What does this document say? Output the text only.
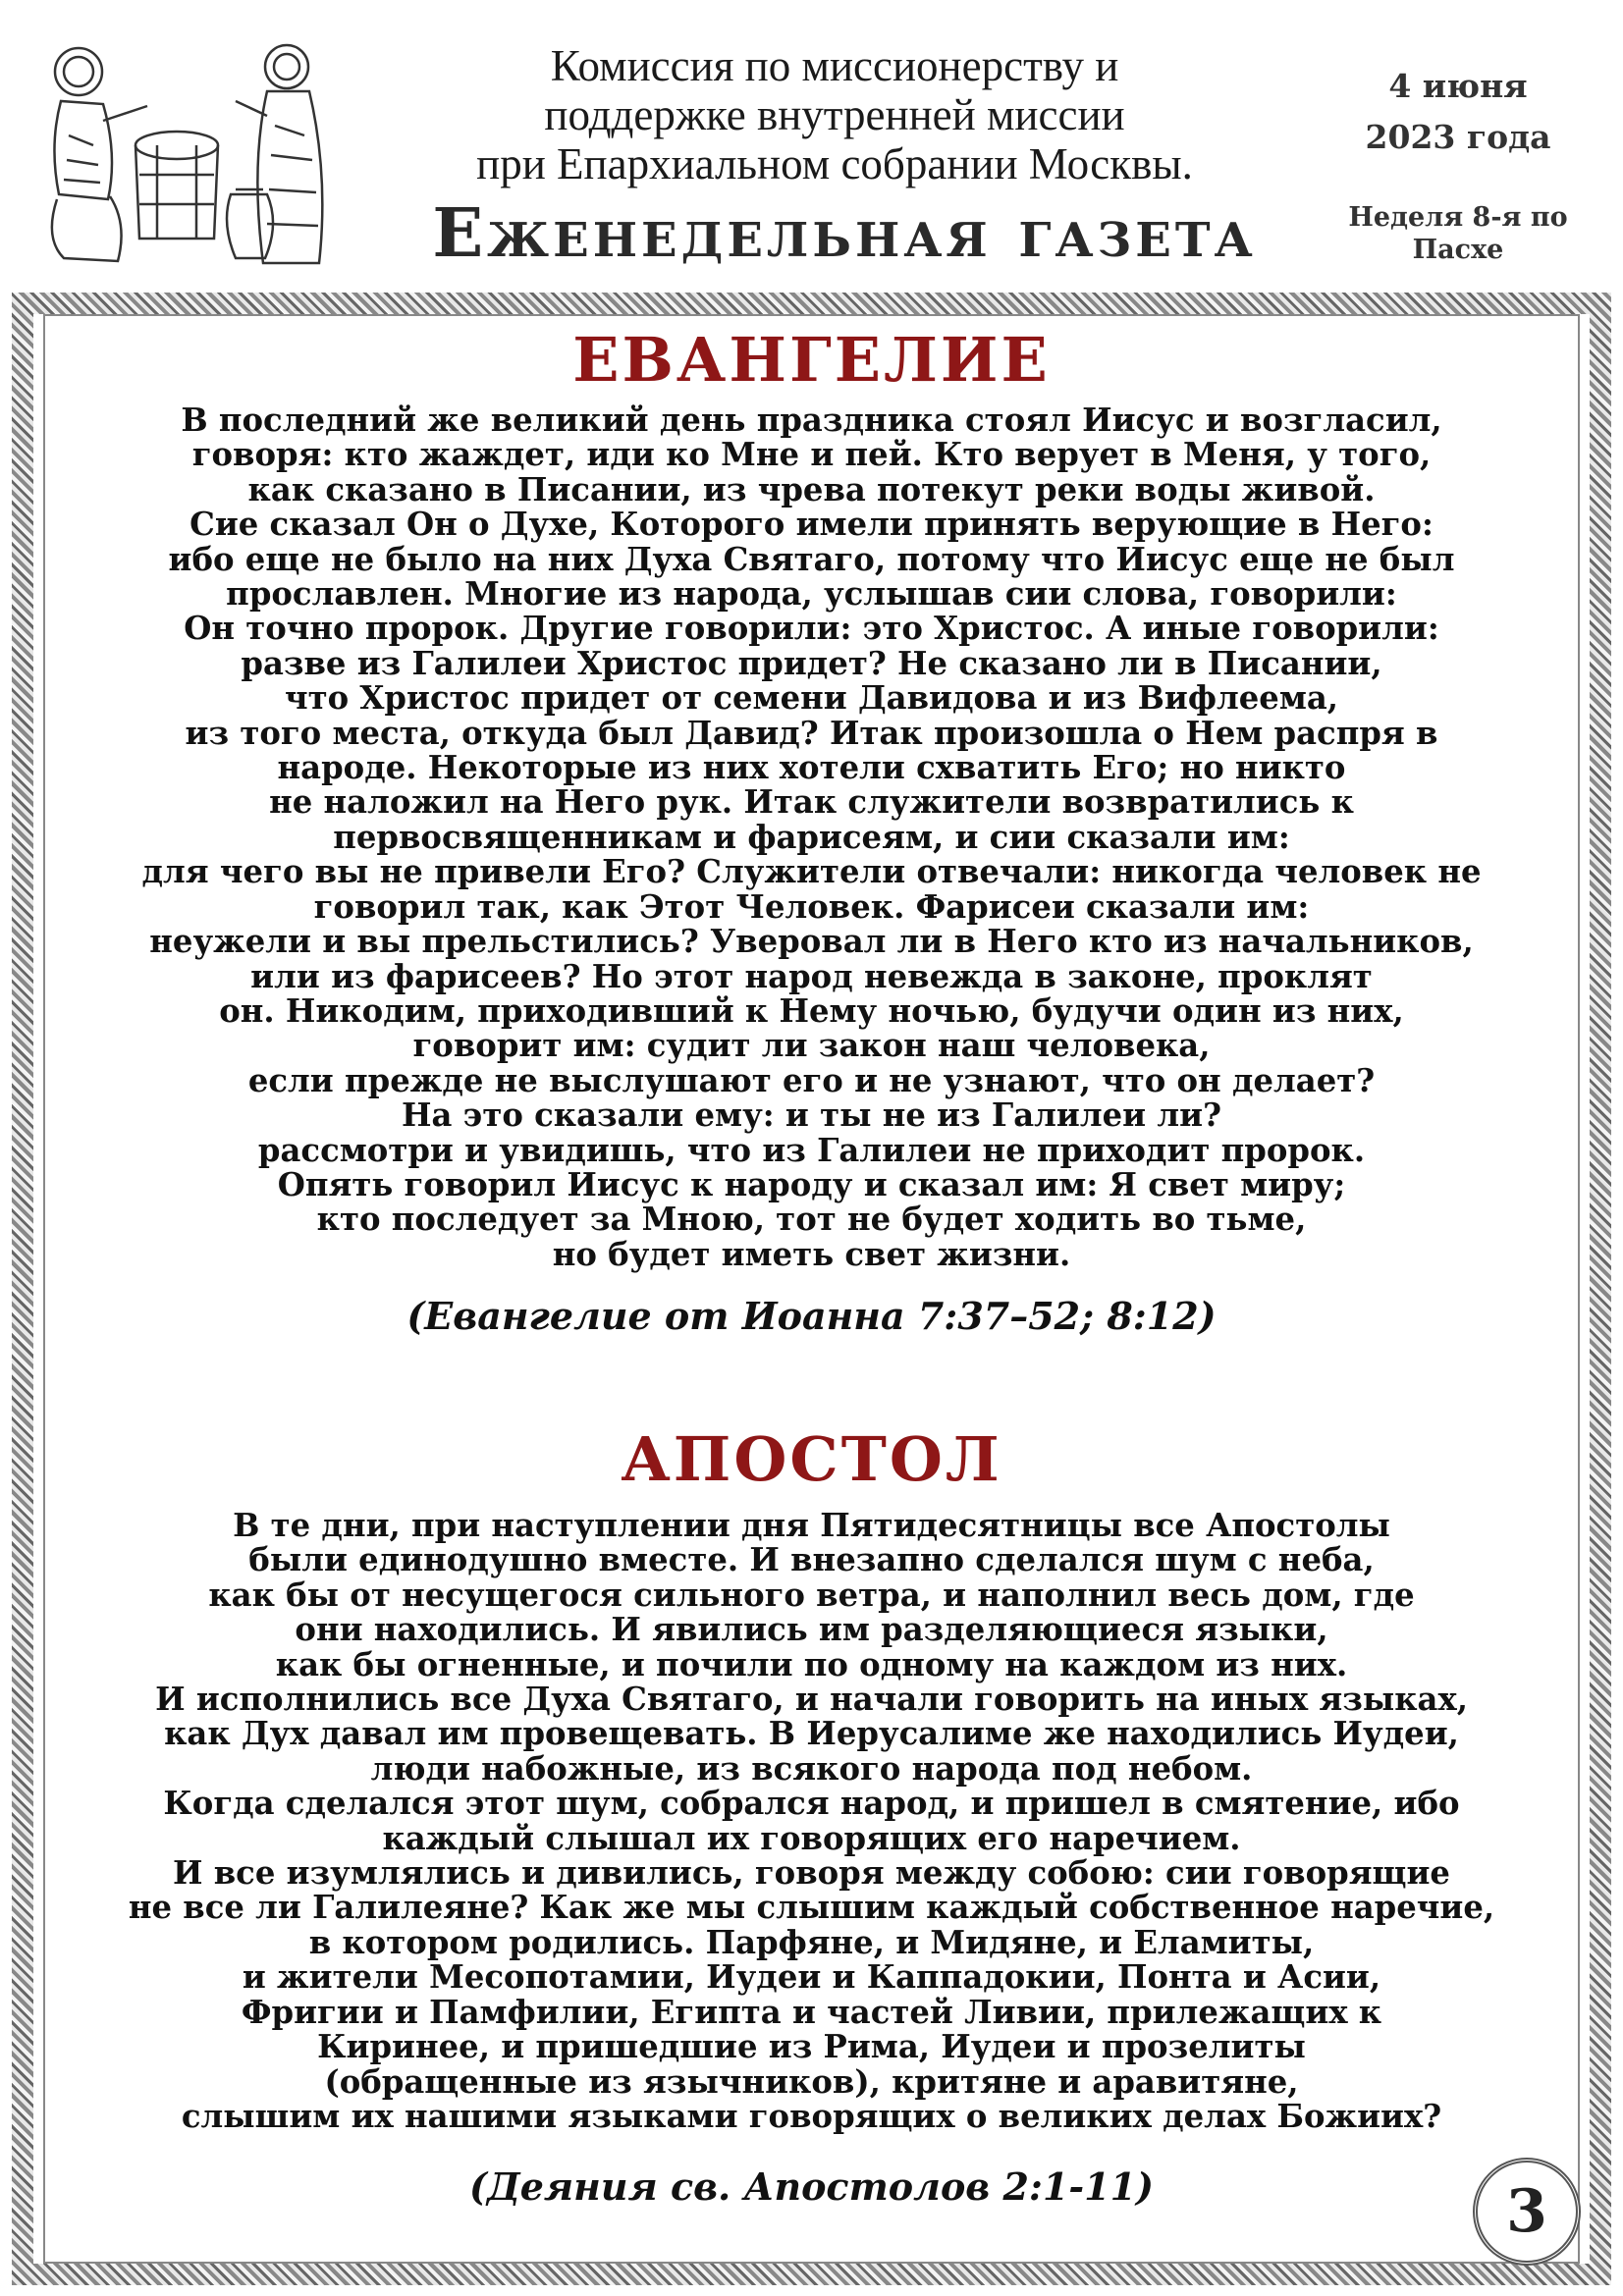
Комиссия по миссионерству и
поддержке внутренней миссии
при Епархиальном собрании Москвы.
Еженедельная газета
4 июня
2023 года
Неделя 8-я по
Пасхе
ЕВАНГЕЛИЕ
В последний же великий день праздника стоял Иисус и возгласил,
говоря: кто жаждет, иди ко Мне и пей. Кто верует в Меня, у того,
как сказано в Писании, из чрева потекут реки воды живой.
Сие сказал Он о Духе, Которого имели принять верующие в Него:
ибо еще не было на них Духа Святаго, потому что Иисус еще не был
прославлен. Многие из народа, услышав сии слова, говорили:
Он точно пророк. Другие говорили: это Христос. А иные говорили:
разве из Галилеи Христос придет? Не сказано ли в Писании,
что Христос придет от семени Давидова и из Вифлеема,
из того места, откуда был Давид? Итак произошла о Нем распря в
народе. Некоторые из них хотели схватить Его; но никто
не наложил на Него рук. Итак служители возвратились к
первосвященникам и фарисеям, и сии сказали им:
для чего вы не привели Его? Служители отвечали: никогда человек не
говорил так, как Этот Человек. Фарисеи сказали им:
неужели и вы прельстились? Уверовал ли в Него кто из начальников,
или из фарисеев? Но этот народ невежда в законе, проклят
он. Никодим, приходивший к Нему ночью, будучи один из них,
говорит им: судит ли закон наш человека,
если прежде не выслушают его и не узнают, что он делает?
На это сказали ему: и ты не из Галилеи ли?
рассмотри и увидишь, что из Галилеи не приходит пророк.
Опять говорил Иисус к народу и сказал им: Я свет миру;
кто последует за Мною, тот не будет ходить во тьме,
но будет иметь свет жизни.
(Евангелие от Иоанна 7:37–52; 8:12)
АПОСТОЛ
В те дни, при наступлении дня Пятидесятницы все Апостолы
были единодушно вместе. И внезапно сделался шум с неба,
как бы от несущегося сильного ветра, и наполнил весь дом, где
они находились. И явились им разделяющиеся языки,
как бы огненные, и почили по одному на каждом из них.
И исполнились все Духа Святаго, и начали говорить на иных языках,
как Дух давал им провещевать. В Иерусалиме же находились Иудеи,
люди набожные, из всякого народа под небом.
Когда сделался этот шум, собрался народ, и пришел в смятение, ибо
каждый слышал их говорящих его наречием.
И все изумлялись и дивились, говоря между собою: сии говорящие
не все ли Галилеяне? Как же мы слышим каждый собственное наречие,
в котором родились. Парфяне, и Мидяне, и Еламиты,
и жители Месопотамии, Иудеи и Каппадокии, Понта и Асии,
Фригии и Памфилии, Египта и частей Ливии, прилежащих к
Киринее, и пришедшие из Рима, Иудеи и прозелиты
(обращенные из язычников), критяне и аравитяне,
слышим их нашими языками говорящих о великих делах Божиих?
(Деяния св. Апостолов 2:1-11)	3
